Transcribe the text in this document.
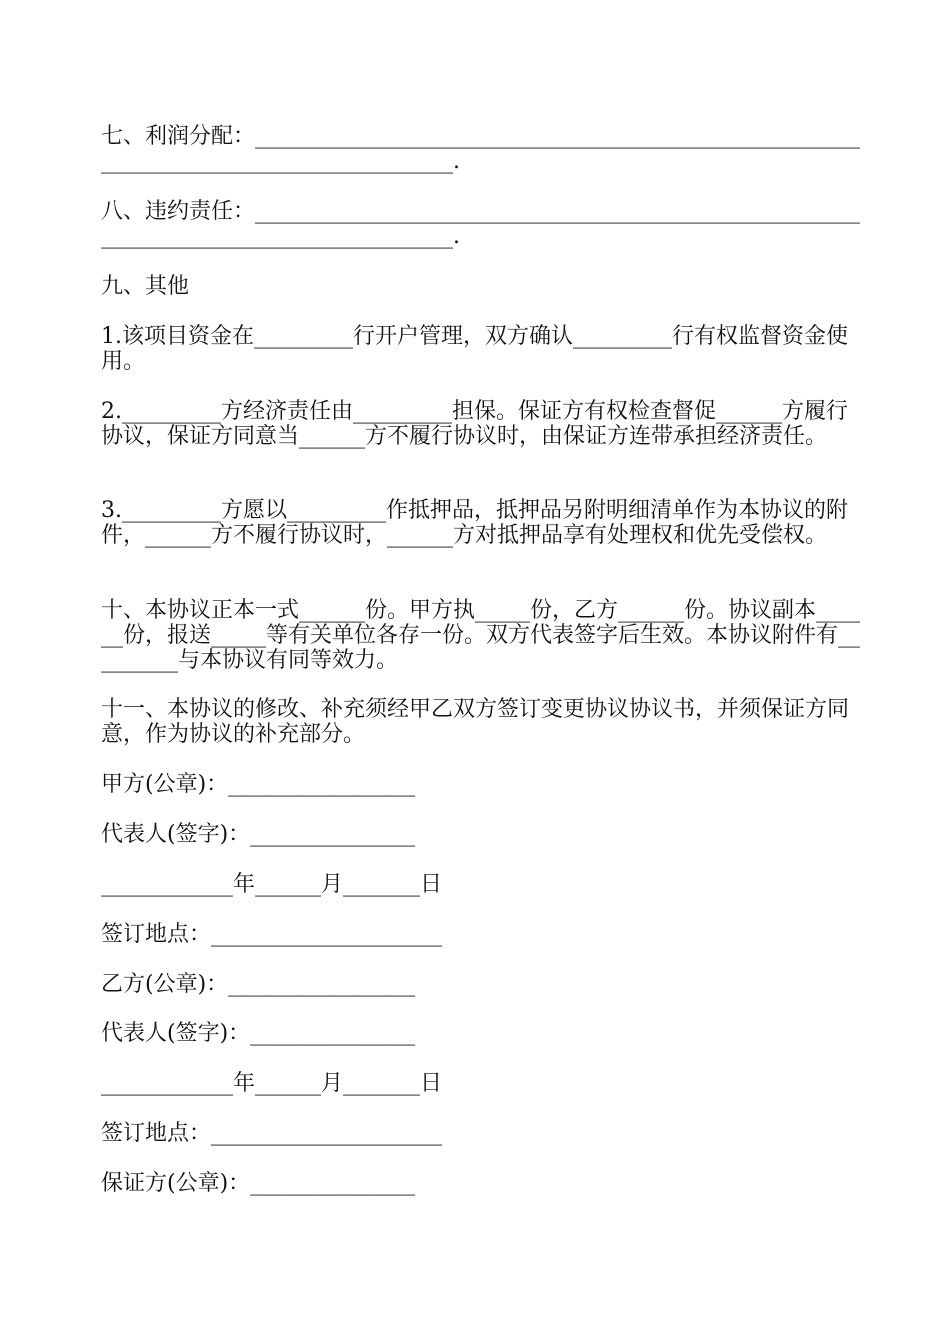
七、利润分配：_______________________________________________________________________________________.

八、违约责任：_______________________________________________________________________________________.

九、其他

1.该项目资金在_________行开户管理，双方确认_________行有权监督资金使用。

2._________方经济责任由_________担保。保证方有权检查督促______方履行协议，保证方同意当______方不履行协议时，由保证方连带承担经济责任。

3._________方愿以_________作抵押品，抵押品另附明细清单作为本协议的附件，______方不履行协议时，______方对抵押品享有处理权和优先受偿权。

十、本协议正本一式______份。甲方执_____份，乙方______份。协议副本______份，报送_____等有关单位各存一份。双方代表签字后生效。本协议附件有_________与本协议有同等效力。

十一、本协议的修改、补充须经甲乙双方签订变更协议协议书，并须保证方同意，作为协议的补充部分。

甲方(公章)：_________________

代表人(签字)：_______________

____________年______月_______日

签订地点：_____________________

乙方(公章)：_________________

代表人(签字)：_______________

____________年______月_______日

签订地点：_____________________

保证方(公章)：_______________
